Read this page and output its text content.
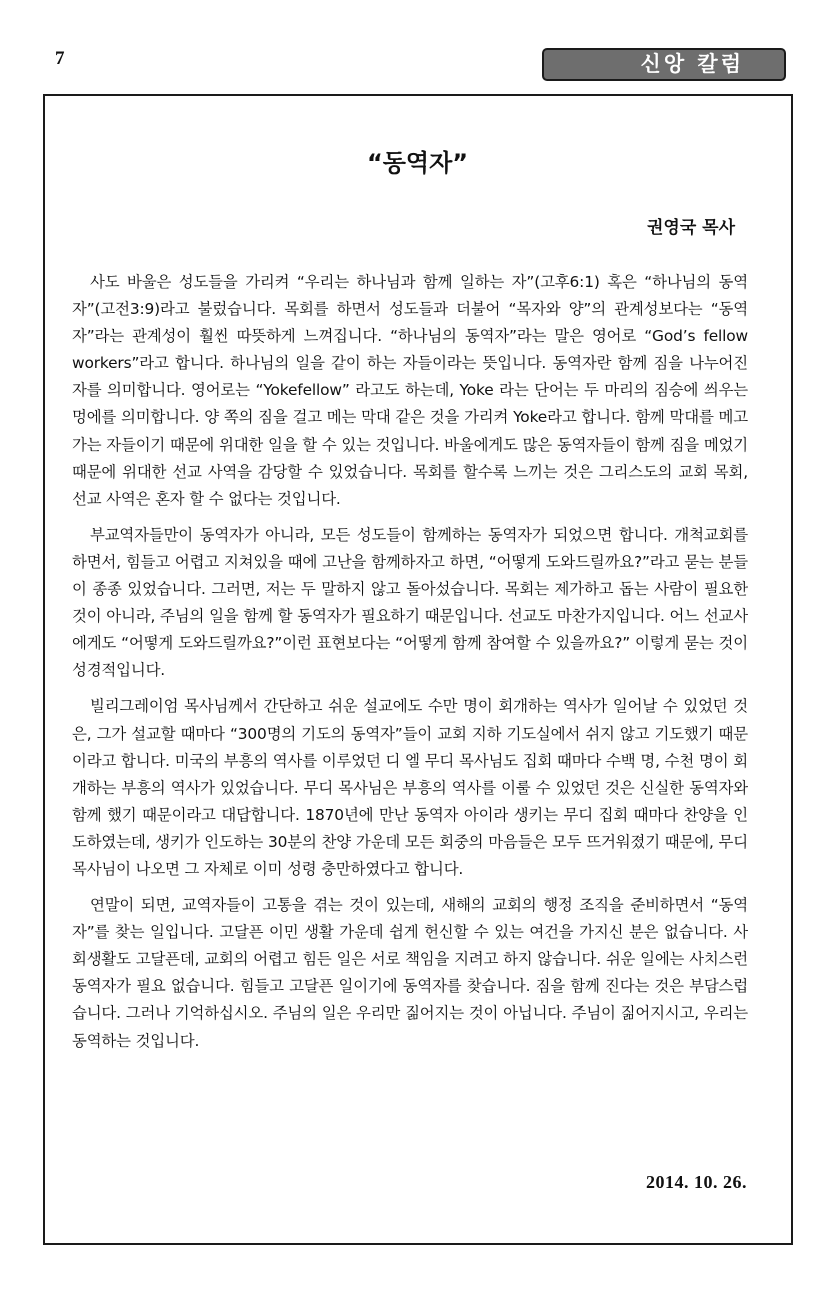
7	신앙 칼럼
“동역자”
권영국 목사

사도 바울은 성도들을 가리켜 “우리는 하나님과 함께 일하는 자”(고후6:1) 혹은 “하나님의 동역자”(고전3:9)라고 불렀습니다. 목회를 하면서 성도들과 더불어 “목자와 양”의 관계성보다는 “동역자”라는 관계성이 훨씬 따뜻하게 느껴집니다. “하나님의 동역자”라는 말은 영어로 “God’s fellow workers”라고 합니다. 하나님의 일을 같이 하는 자들이라는 뜻입니다. 동역자란 함께 짐을 나누어진 자를 의미합니다. 영어로는 “Yokefellow” 라고도 하는데, Yoke 라는 단어는 두 마리의 짐승에 씌우는 멍에를 의미합니다. 양 쪽의 짐을 걸고 메는 막대 같은 것을 가리켜 Yoke라고 합니다. 함께 막대를 메고 가는 자들이기 때문에 위대한 일을 할 수 있는 것입니다. 바울에게도 많은 동역자들이 함께 짐을 메었기 때문에 위대한 선교 사역을 감당할 수 있었습니다. 목회를 할수록 느끼는 것은 그리스도의 교회 목회, 선교 사역은 혼자 할 수 없다는 것입니다.

부교역자들만이 동역자가 아니라, 모든 성도들이 함께하는 동역자가 되었으면 합니다. 개척교회를 하면서, 힘들고 어렵고 지쳐있을 때에 고난을 함께하자고 하면, “어떻게 도와드릴까요?”라고 묻는 분들이 종종 있었습니다. 그러면, 저는 두 말하지 않고 돌아섰습니다. 목회는 제가하고 돕는 사람이 필요한 것이 아니라, 주님의 일을 함께 할 동역자가 필요하기 때문입니다. 선교도 마찬가지입니다. 어느 선교사에게도 “어떻게 도와드릴까요?”이런 표현보다는 “어떻게 함께 참여할 수 있을까요?” 이렇게 묻는 것이 성경적입니다.

빌리그레이엄 목사님께서 간단하고 쉬운 설교에도 수만 명이 회개하는 역사가 일어날 수 있었던 것은, 그가 설교할 때마다 “300명의 기도의 동역자”들이 교회 지하 기도실에서 쉬지 않고 기도했기 때문이라고 합니다. 미국의 부흥의 역사를 이루었던 디 엘 무디 목사님도 집회 때마다 수백 명, 수천 명이 회개하는 부흥의 역사가 있었습니다. 무디 목사님은 부흥의 역사를 이룰 수 있었던 것은 신실한 동역자와 함께 했기 때문이라고 대답합니다. 1870년에 만난 동역자 아이라 생키는 무디 집회 때마다 찬양을 인도하였는데, 생키가 인도하는 30분의 찬양 가운데 모든 회중의 마음들은 모두 뜨거워졌기 때문에, 무디 목사님이 나오면 그 자체로 이미 성령 충만하였다고 합니다.

연말이 되면, 교역자들이 고통을 겪는 것이 있는데, 새해의 교회의 행정 조직을 준비하면서 “동역자”를 찾는 일입니다. 고달픈 이민 생활 가운데 쉽게 헌신할 수 있는 여건을 가지신 분은 없습니다. 사회생활도 고달픈데, 교회의 어렵고 힘든 일은 서로 책임을 지려고 하지 않습니다. 쉬운 일에는 사치스런 동역자가 필요 없습니다. 힘들고 고달픈 일이기에 동역자를 찾습니다. 짐을 함께 진다는 것은 부담스럽습니다. 그러나 기억하십시오. 주님의 일은 우리만 짊어지는 것이 아닙니다. 주님이 짊어지시고, 우리는 동역하는 것입니다.

2014. 10. 26.
